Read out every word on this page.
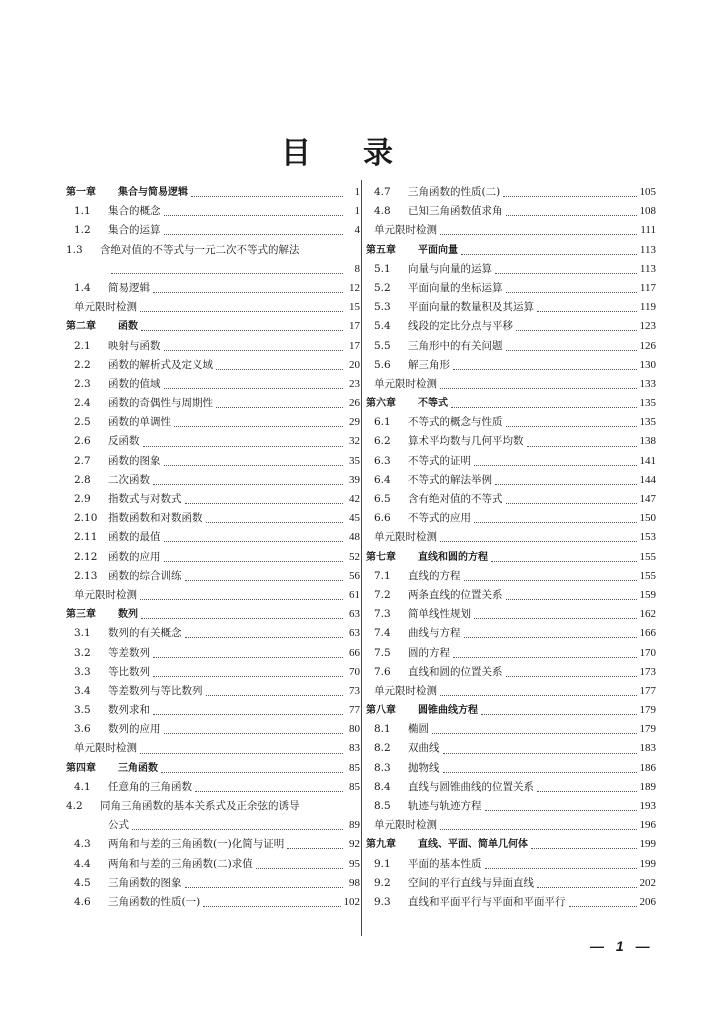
目 录
第一章	集合与简易逻辑	1
1.1	集合的概念	1
1.2	集合的运算	4
1.3	含绝对值的不等式与一元二次不等式的解法
8
1.4	简易逻辑	12
单元限时检测	15
第二章	函数	17
2.1	映射与函数	17
2.2	函数的解析式及定义域	20
2.3	函数的值域	23
2.4	函数的奇偶性与周期性	26
2.5	函数的单调性	29
2.6	反函数	32
2.7	函数的图象	35
2.8	二次函数	39
2.9	指数式与对数式	42
2.10	指数函数和对数函数	45
2.11	函数的最值	48
2.12	函数的应用	52
2.13	函数的综合训练	56
单元限时检测	61
第三章	数列	63
3.1	数列的有关概念	63
3.2	等差数列	66
3.3	等比数列	70
3.4	等差数列与等比数列	73
3.5	数列求和	77
3.6	数列的应用	80
单元限时检测	83
第四章	三角函数	85
4.1	任意角的三角函数	85
4.2	同角三角函数的基本关系式及正余弦的诱导
公式	89
4.3	两角和与差的三角函数(一)化简与证明	92
4.4	两角和与差的三角函数(二)求值	95
4.5	三角函数的图象	98
4.6	三角函数的性质(一)	102
4.7	三角函数的性质(二)	105
4.8	已知三角函数值求角	108
单元限时检测	111
第五章	平面向量	113
5.1	向量与向量的运算	113
5.2	平面向量的坐标运算	117
5.3	平面向量的数量积及其运算	119
5.4	线段的定比分点与平移	123
5.5	三角形中的有关问题	126
5.6	解三角形	130
单元限时检测	133
第六章	不等式	135
6.1	不等式的概念与性质	135
6.2	算术平均数与几何平均数	138
6.3	不等式的证明	141
6.4	不等式的解法举例	144
6.5	含有绝对值的不等式	147
6.6	不等式的应用	150
单元限时检测	153
第七章	直线和圆的方程	155
7.1	直线的方程	155
7.2	两条直线的位置关系	159
7.3	简单线性规划	162
7.4	曲线与方程	166
7.5	圆的方程	170
7.6	直线和圆的位置关系	173
单元限时检测	177
第八章	圆锥曲线方程	179
8.1	椭圆	179
8.2	双曲线	183
8.3	抛物线	186
8.4	直线与圆锥曲线的位置关系	189
8.5	轨迹与轨迹方程	193
单元限时检测	196
第九章	直线、平面、简单几何体	199
9.1	平面的基本性质	199
9.2	空间的平行直线与异面直线	202
9.3	直线和平面平行与平面和平面平行	206
— 1 —
